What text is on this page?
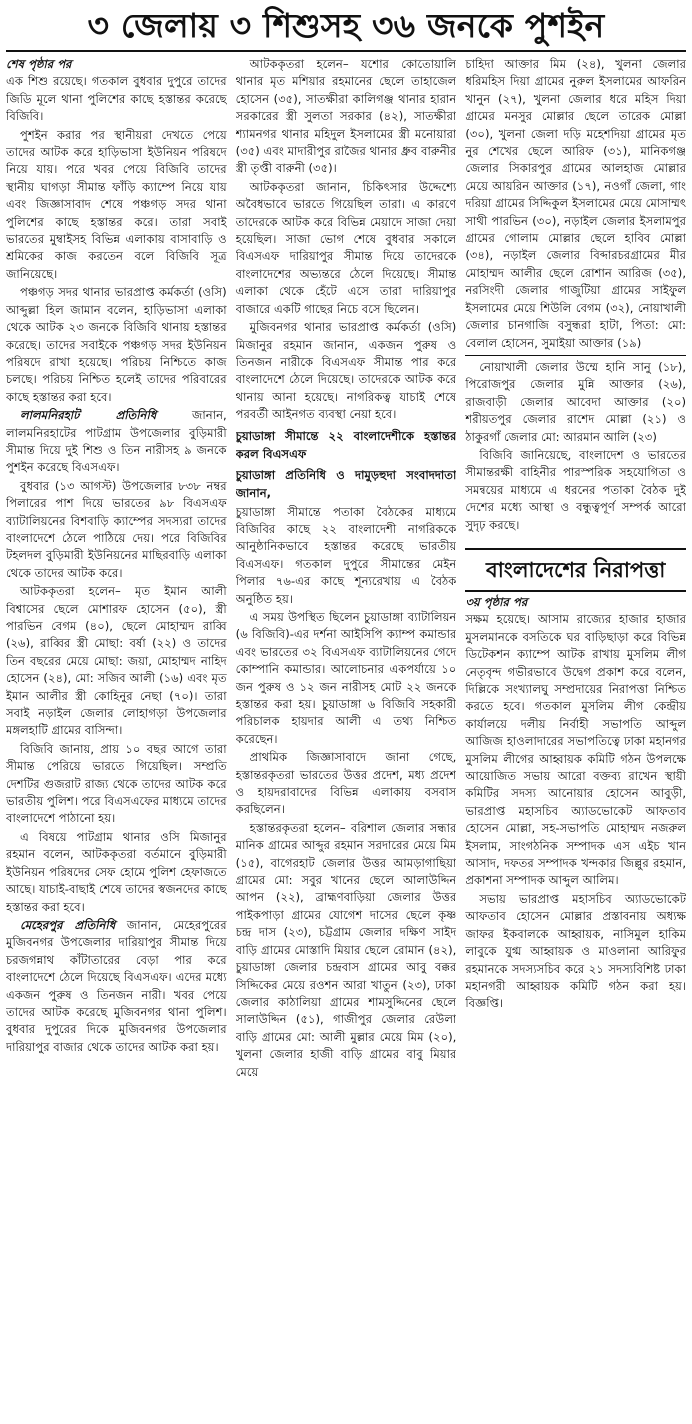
৩ জেলায় ৩ শিশুসহ ৩৬ জনকে পুশইন
শেষ পৃষ্ঠার পর

এক শিশু রয়েছে। গতকাল বুধবার দুপুরে তাদের জিডি মূলে থানা পুলিশের কাছে হস্তান্তর করেছে বিজিবি।

পুশইন করার পর স্থানীয়রা দেখতে পেয়ে তাদের আটক করে হাড়িভাসা ইউনিয়ন পরিষদে নিয়ে যায়। পরে খবর পেয়ে বিজিবি তাদের স্থানীয় ঘাগড়া সীমান্ত ফাঁড়ি ক্যাম্পে নিয়ে যায় এবং জিজ্ঞাসাবাদ শেষে পঞ্চগড় সদর থানা পুলিশের কাছে হস্তান্তর করে। তারা সবাই ভারতের মুম্বাইসহ বিভিন্ন এলাকায় বাসাবাড়ি ও শ্রমিকের কাজ করতেন বলে বিজিবি সূত্র জানিয়েছে।

পঞ্চগড় সদর থানার ভারপ্রাপ্ত কর্মকর্তা (ওসি) আব্দুল্লা হিল জামান বলেন, হাড়িভাসা এলাকা থেকে আটক ২৩ জনকে বিজিবি থানায় হস্তান্তর করেছে। তাদের সবাইকে পঞ্চগড় সদর ইউনিয়ন পরিষদে রাখা হয়েছে। পরিচয় নিশ্চিতে কাজ চলছে। পরিচয় নিশ্চিত হলেই তাদের পরিবারের কাছে হস্তান্তর করা হবে।

লালমনিরহাট প্রতিনিধি জানান, লালমনিরহাটের পাটগ্রাম উপজেলার বুড়িমারী সীমান্ত দিয়ে দুই শিশু ও তিন নারীসহ ৯ জনকে পুশইন করেছে বিএসএফ।

বুধবার (১৩ আগস্ট) উপজেলার ৮৩৮ নম্বর পিলারের পাশ দিয়ে ভারতের ৯৮ বিএসএফ ব্যাটালিয়নের বিশবাড়ি ক্যাম্পের সদস্যরা তাদের বাংলাদেশে ঠেলে পাঠিয়ে দেয়। পরে বিজিবির টহলদল বুড়িমারী ইউনিয়নের মাছিরবাড়ি এলাকা থেকে তাদের আটক করে।

আটককৃতরা হলেন– মৃত ইমান আলী বিশ্বাসের ছেলে মোশারফ হোসেন (৫০), স্ত্রী পারভিন বেগম (৪০), ছেলে মোহাম্মদ রাব্বি (২৬), রাব্বির স্ত্রী মোছা: বর্ষা (২২) ও তাদের তিন বছরের মেয়ে মোছা: জয়া, মোহাম্মদ নাহিদ হোসেন (২৪), মো: সজিব আলী (১৬) এবং মৃত ইমান আলীর স্ত্রী কোহিনুর নেছা (৭০)। তারা সবাই নড়াইল জেলার লোহাগড়া উপজেলার মঙ্গলহাটি গ্রামের বাসিন্দা।

বিজিবি জানায়, প্রায় ১০ বছর আগে তারা সীমান্ত পেরিয়ে ভারতে গিয়েছিল। সম্প্রতি দেশটির গুজরাট রাজ্য থেকে তাদের আটক করে ভারতীয় পুলিশ। পরে বিএসএফের মাধ্যমে তাদের বাংলাদেশে পাঠানো হয়।

এ বিষয়ে পাটগ্রাম থানার ওসি মিজানুর রহমান বলেন, আটককৃতরা বর্তমানে বুড়িমারী ইউনিয়ন পরিষদের সেফ হোমে পুলিশ হেফাজতে আছে। যাচাই-বাছাই শেষে তাদের স্বজনদের কাছে হস্তান্তর করা হবে।

মেহেরপুর প্রতিনিধি জানান, মেহেরপুরের মুজিবনগর উপজেলার দারিয়াপুর সীমান্ত দিয়ে চরজগন্নাথ কাঁটাতারের বেড়া পার করে বাংলাদেশে ঠেলে দিয়েছে বিএসএফ। এদের মধ্যে একজন পুরুষ ও তিনজন নারী। খবর পেয়ে তাদের আটক করেছে মুজিবনগর থানা পুলিশ। বুধবার দুপুরের দিকে মুজিবনগর উপজেলার দারিয়াপুর বাজার থেকে তাদের আটক করা হয়।

আটককৃতরা হলেন– যশোর কোতোয়ালি থানার মৃত মশিয়ার রহমানের ছেলে তাহাজেল হোসেন (৩৫), সাতক্ষীরা কালিগঞ্জ থানার হারান সরকারের স্ত্রী সুলতা সরকার (৪২), সাতক্ষীরা শ্যামনগর থানার মহিদুল ইসলামের স্ত্রী মনোয়ারা (৩৫) এবং মাদারীপুর রাজৈর থানার ধ্রুব বারুনীর স্ত্রী তৃপ্তী বারুনী (৩৫)।

আটককৃতরা জানান, চিকিৎসার উদ্দেশ্যে অবৈধভাবে ভারতে গিয়েছিল তারা। এ কারণে তাদেরকে আটক করে বিভিন্ন মেয়াদে সাজা দেয়া হয়েছিল। সাজা ভোগ শেষে বুধবার সকালে বিএসএফ দারিয়াপুর সীমান্ত দিয়ে তাদেরকে বাংলাদেশের অভ্যন্তরে ঠেলে দিয়েছে। সীমান্ত এলাকা থেকে হেঁটে এসে তারা দারিয়াপুর বাজারে একটি গাছের নিচে বসে ছিলেন।

মুজিবনগর থানার ভারপ্রাপ্ত কর্মকর্তা (ওসি) মিজানুর রহমান জানান, একজন পুরুষ ও তিনজন নারীকে বিএসএফ সীমান্ত পার করে বাংলাদেশে ঠেলে দিয়েছে। তাদেরকে আটক করে থানায় আনা হয়েছে। নাগরিকত্ব যাচাই শেষে পরবর্তী আইনগত ব্যবস্থা নেয়া হবে।

চুয়াডাঙ্গা সীমান্তে ২২ বাংলাদেশীকে হস্তান্তর করল বিএসএফ
চুয়াডাঙ্গা প্রতিনিধি ও দামুড়হুদা সংবাদদাতা জানান,

চুয়াডাঙ্গা সীমান্তে পতাকা বৈঠকের মাধ্যমে বিজিবির কাছে ২২ বাংলাদেশী নাগরিককে আনুষ্ঠানিকভাবে হস্তান্তর করেছে ভারতীয় বিএসএফ। গতকাল দুপুরে সীমান্তের মেইন পিলার ৭৬-এর কাছে শূন্যরেখায় এ বৈঠক অনুষ্ঠিত হয়।

এ সময় উপস্থিত ছিলেন চুয়াডাঙ্গা ব্যাটালিয়ন (৬ বিজিবি)-এর দর্শনা আইসিপি ক্যাম্প কমান্ডার এবং ভারতের ৩২ বিএসএফ ব্যাটালিয়নের গেদে কোম্পানি কমান্ডার। আলোচনার একপর্যায়ে ১০ জন পুরুষ ও ১২ জন নারীসহ মোট ২২ জনকে হস্তান্তর করা হয়। চুয়াডাঙ্গা ৬ বিজিবি সহকারী পরিচালক হায়দার আলী এ তথ্য নিশ্চিত করেছেন।

প্রাথমিক জিজ্ঞাসাবাদে জানা গেছে, হস্তান্তরকৃতরা ভারতের উত্তর প্রদেশ, মধ্য প্রদেশ ও হায়দরাবাদের বিভিন্ন এলাকায় বসবাস করছিলেন।

হস্তান্তরকৃতরা হলেন– বরিশাল জেলার সন্ধার মানিক গ্রামের আব্দুর রহমান সরদারের মেয়ে মিম (১৫), বাগেরহাট জেলার উত্তর আমড়াগাছিয়া গ্রামের মো: সবুর খানের ছেলে আলাউদ্দিন আপন (২২), ব্রাহ্মণবাড়িয়া জেলার উত্তর পাইকপাড়া গ্রামের যোগেশ দাসের ছেলে কৃষ্ণ চন্দ্র দাস (২৩), চট্টগ্রাম জেলার দক্ষিণ সাইদ বাড়ি গ্রামের মোস্তাদি মিয়ার ছেলে রোমান (৪২), চুয়াডাঙ্গা জেলার চন্দ্রবাস গ্রামের আবু বক্কর সিদ্দিকের মেয়ে রওশন আরা খাতুন (২৩), ঢাকা জেলার কাঠালিয়া গ্রামের শামসুদ্দিনের ছেলে সালাউদ্দিন (৫১), গাজীপুর জেলার রেউলা বাড়ি গ্রামের মো: আলী মুল্লার মেয়ে মিম (২০), খুলনা জেলার হাজী বাড়ি গ্রামের বাবু মিয়ার মেয়ে

চাহিদা আক্তার মিম (২৪), খুলনা জেলার ধরিমহিস দিয়া গ্রামের নুরুল ইসলামের আফরিন খানুন (২৭), খুলনা জেলার ধরে মহিস দিয়া গ্রামের মনসুর মোল্লার ছেলে তারেক মোল্লা (৩০), খুলনা জেলা দড়ি মহেশদিয়া গ্রামের মৃত নুর শেখের ছেলে আরিফ (৩১), মানিকগঞ্জ জেলার সিকারপুর গ্রামের আলহাজ মোল্লার মেয়ে আয়রিন আক্তার (১৭), নওগাঁ জেলা, গাং দরিয়া গ্রামের সিদ্দিকুল ইসলামের মেয়ে মোসাম্মৎ সাথী পারভিন (৩০), নড়াইল জেলার ইসলামপুর গ্রামের গোলাম মোল্লার ছেলে হাবিব মোল্লা (৩৪), নড়াইল জেলার বিব্দারচরগ্রামের মীর মোহাম্মদ আলীর ছেলে রোশান আরিজ (৩৫), নরসিংদী জেলার গাজুটিয়া গ্রামের সাইফুল ইসলামের মেয়ে শিউলি বেগম (৩২), নোয়াখালী জেলার চানগাজি বসুন্ধরা হাটা, পিতা: মো: বেলাল হোসেন, সুমাইয়া আক্তার (১৯)

নোয়াখালী জেলার উম্মে হানি সানু (১৮), পিরোজপুর জেলার মুন্নি আক্তার (২৬), রাজবাড়ী জেলার আবেদা আক্তার (২০) শরীয়তপুর জেলার রাশেদ মোল্লা (২১) ও ঠাকুরগাঁ জেলার মো: আরমান আলি (২৩)

বিজিবি জানিয়েছে, বাংলাদেশ ও ভারতের সীমান্তরক্ষী বাহিনীর পারস্পরিক সহযোগিতা ও সমন্বয়ের মাধ্যমে এ ধরনের পতাকা বৈঠক দুই দেশের মধ্যে আস্থা ও বন্ধুত্বপূর্ণ সম্পর্ক আরো সুদৃঢ় করছে।

বাংলাদেশের নিরাপত্তা
৩য় পৃষ্ঠার পর

সক্ষম হয়েছে। আসাম রাজ্যের হাজার হাজার মুসলমানকে বসতিকে ঘর বাড়িছাড়া করে বিভিন্ন ডিটেকশন ক্যাম্পে আটক রাখায় মুসলিম লীগ নেতৃবৃন্দ গভীরভাবে উদ্বেগ প্রকাশ করে বলেন, দিল্লিকে সংখ্যালঘু সম্প্রদায়ের নিরাপত্তা নিশ্চিত করতে হবে। গতকাল মুসলিম লীগ কেন্দ্রীয় কার্যালয়ে দলীয় নির্বাহী সভাপতি আব্দুল আজিজ হাওলাদারের সভাপতিত্বে ঢাকা মহানগর মুসলিম লীগের আহ্বায়ক কমিটি গঠন উপলক্ষে আয়োজিত সভায় আরো বক্তব্য রাখেন স্থায়ী কমিটির সদস্য আনোয়ার হোসেন আবুড়ী, ভারপ্রাপ্ত মহাসচিব অ্যাডভোকেট আফতাব হোসেন মোল্লা, সহ-সভাপতি মোহাম্মদ নজরুল ইসলাম, সাংগঠনিক সম্পাদক এস এইচ খান আসাদ, দফতর সম্পাদক খন্দকার জিল্লুর রহমান, প্রকাশনা সম্পাদক আব্দুল আলিম।

সভায় ভারপ্রাপ্ত মহাসচিব অ্যাডভোকেট আফতাব হোসেন মোল্লার প্রস্তাবনায় অধ্যক্ষ জাফর ইকবালকে আহ্বায়ক, নাসিমুল হাকিম লাবুকে যুগ্ম আহ্বায়ক ও মাওলানা আরিফুর রহমানকে সদস্যসচিব করে ২১ সদস্যবিশিষ্ট ঢাকা মহানগরী আহ্বায়ক কমিটি গঠন করা হয়। বিজ্ঞপ্তি।
